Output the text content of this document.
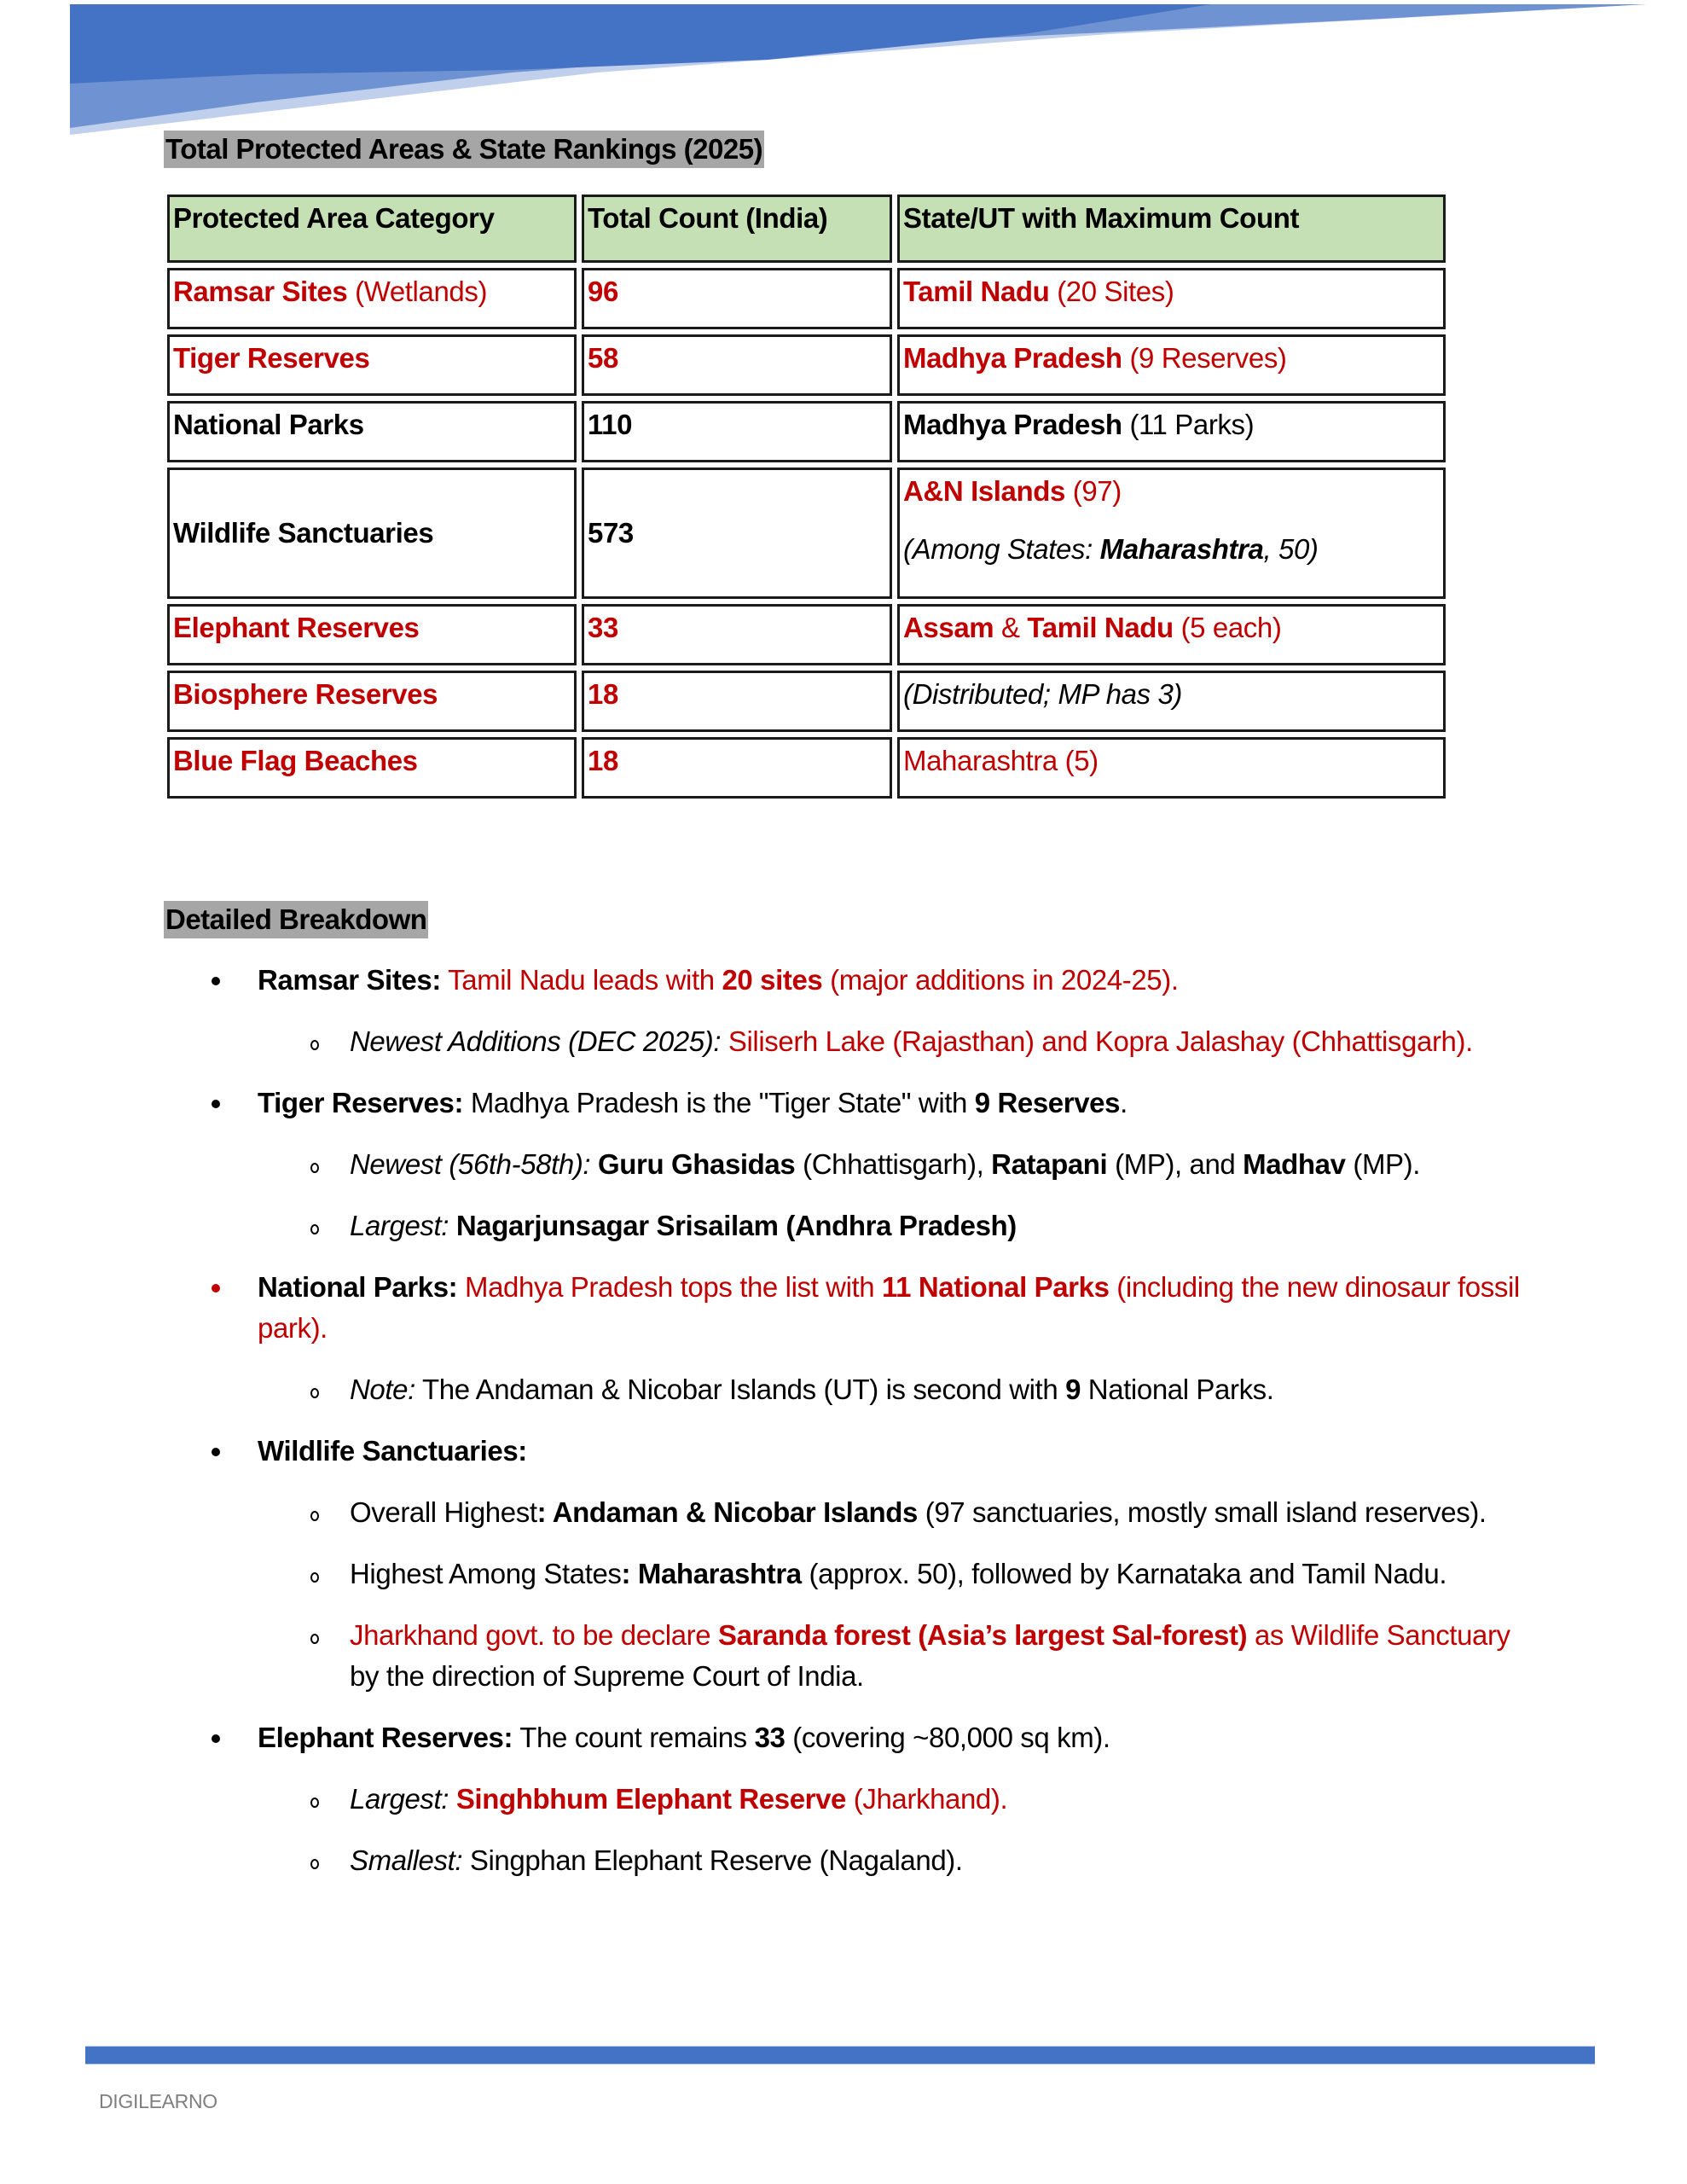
Total Protected Areas & State Rankings (2025)
Protected Area Category	Total Count (India)	State/UT with Maximum Count
Ramsar Sites (Wetlands)	96	Tamil Nadu (20 Sites)
Tiger Reserves	58	Madhya Pradesh (9 Reserves)
National Parks	110	Madhya Pradesh (11 Parks)
Wildlife Sanctuaries	573	A&N Islands (97)
(Among States: Maharashtra, 50)

Elephant Reserves	33	Assam & Tamil Nadu (5 each)
Biosphere Reserves	18	(Distributed; MP has 3)
Blue Flag Beaches	18	Maharashtra (5)
Detailed Breakdown
Ramsar Sites: Tamil Nadu leads with 20 sites (major additions in 2024-25).
Newest Additions (DEC 2025): Siliserh Lake (Rajasthan) and Kopra Jalashay (Chhattisgarh).
Tiger Reserves: Madhya Pradesh is the "Tiger State" with 9 Reserves.
Newest (56th-58th): Guru Ghasidas (Chhattisgarh), Ratapani (MP), and Madhav (MP).
Largest: Nagarjunsagar Srisailam (Andhra Pradesh)
National Parks: Madhya Pradesh tops the list with 11 National Parks (including the new dinosaur fossil park).
Note: The Andaman & Nicobar Islands (UT) is second with 9 National Parks.
Wildlife Sanctuaries:
Overall Highest: Andaman & Nicobar Islands (97 sanctuaries, mostly small island reserves).
Highest Among States: Maharashtra (approx. 50), followed by Karnataka and Tamil Nadu.
Jharkhand govt. to be declare Saranda forest (Asia’s largest Sal-forest) as Wildlife Sanctuary by the direction of Supreme Court of India.
Elephant Reserves: The count remains 33 (covering ~80,000 sq km).
Largest: Singhbhum Elephant Reserve (Jharkhand).
Smallest: Singphan Elephant Reserve (Nagaland).
DIGILEARNO
